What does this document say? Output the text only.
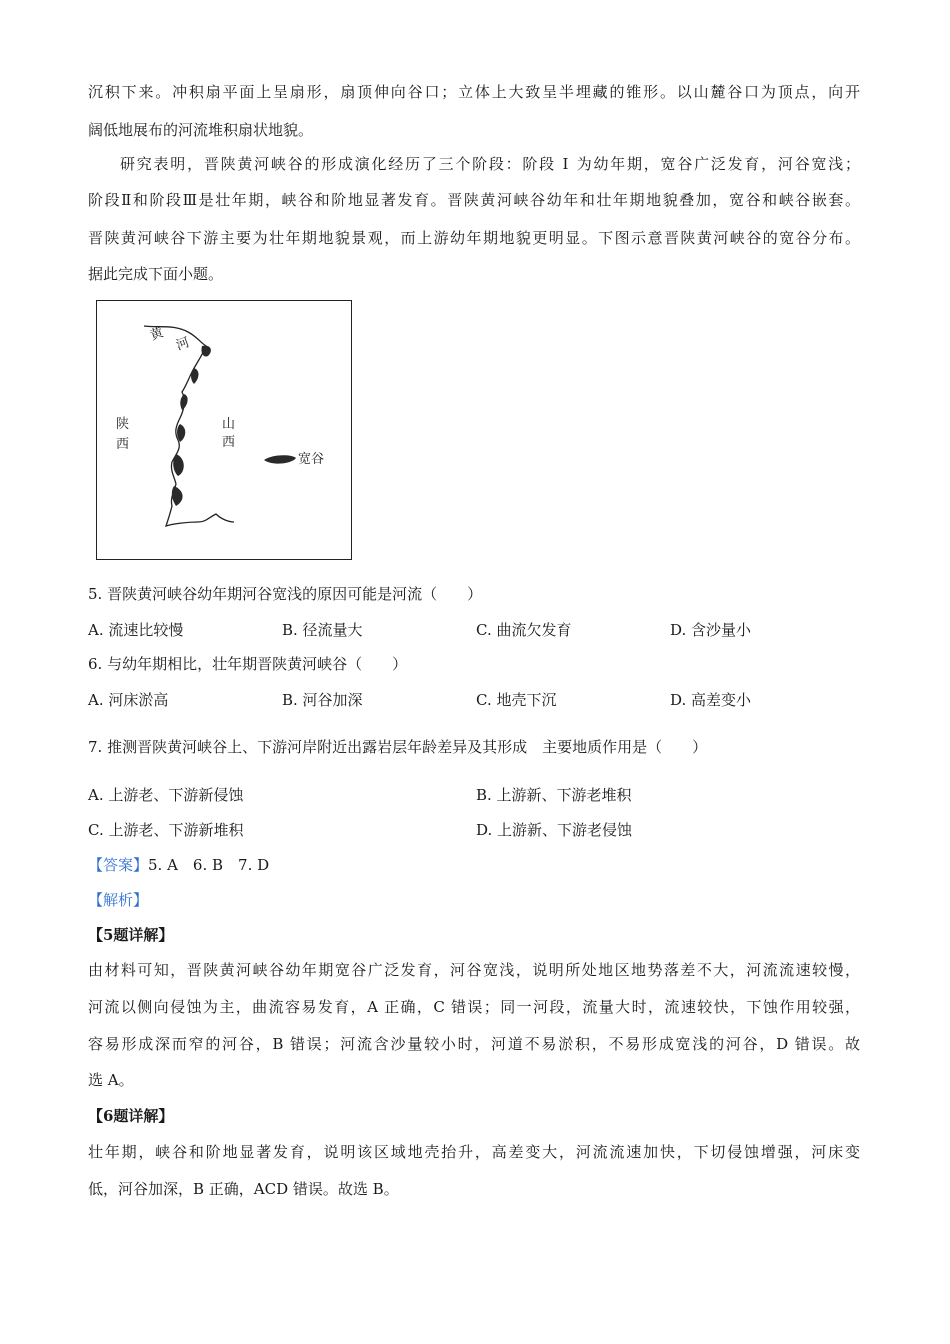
沉积下来。冲积扇平面上呈扇形，扇顶伸向谷口；立体上大致呈半埋藏的锥形。以山麓谷口为顶点，向开
阔低地展布的河流堆积扇状地貌。
研究表明，晋陕黄河峡谷的形成演化经历了三个阶段：阶段 Ⅰ 为幼年期，宽谷广泛发育，河谷宽浅；
阶段Ⅱ和阶段Ⅲ是壮年期，峡谷和阶地显著发育。晋陕黄河峡谷幼年和壮年期地貌叠加，宽谷和峡谷嵌套。
晋陕黄河峡谷下游主要为壮年期地貌景观，而上游幼年期地貌更明显。下图示意晋陕黄河峡谷的宽谷分布。
据此完成下面小题。
黄
河
陕
西
山
西
宽谷
5. 晋陕黄河峡谷幼年期河谷宽浅的原因可能是河流（　　）
A. 流速比较慢	B. 径流量大	C. 曲流欠发育	D. 含沙量小
6. 与幼年期相比，壮年期晋陕黄河峡谷（　　）
A. 河床淤高	B. 河谷加深	C. 地壳下沉	D. 高差变小
7. 推测晋陕黄河峡谷上、下游河岸附近出露岩层年龄差异及其形成　主要地质作用是（　　）
A. 上游老、下游新侵蚀	B. 上游新、下游老堆积
C. 上游老、下游新堆积	D. 上游新、下游老侵蚀
【答案】5. A　6. B　7. D
【解析】
【5题详解】
由材料可知，晋陕黄河峡谷幼年期宽谷广泛发育，河谷宽浅，说明所处地区地势落差不大，河流流速较慢，
河流以侧向侵蚀为主，曲流容易发育，A 正确，C 错误；同一河段，流量大时，流速较快，下蚀作用较强，
容易形成深而窄的河谷，B 错误；河流含沙量较小时，河道不易淤积，不易形成宽浅的河谷，D 错误。故
选 A。
【6题详解】
壮年期，峡谷和阶地显著发育，说明该区域地壳抬升，高差变大，河流流速加快，下切侵蚀增强，河床变
低，河谷加深，B 正确，ACD 错误。故选 B。
